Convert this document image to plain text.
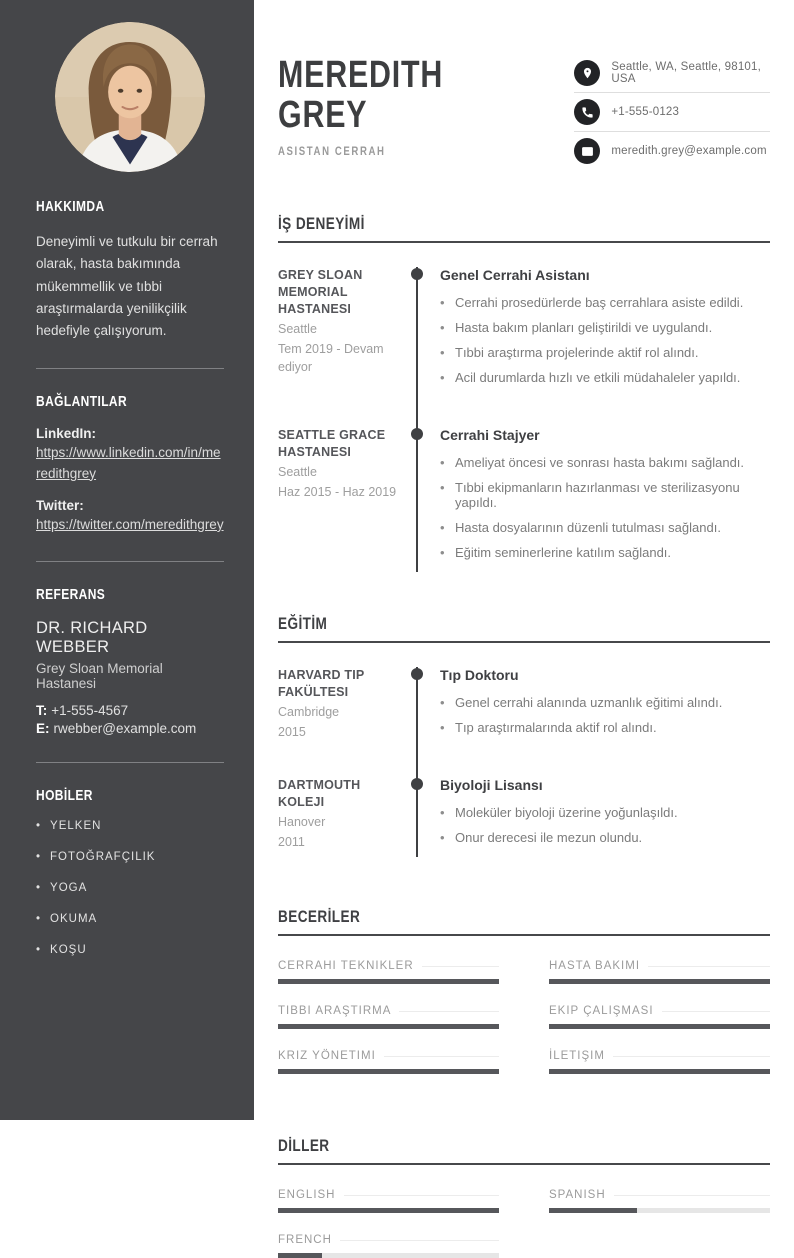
HAKKIMDA

Deneyimli ve tutkulu bir cerrah olarak, hasta bakımında mükemmellik ve tıbbi araştırmalarda yenilikçilik hedefiyle çalışıyorum.

BAĞLANTILAR
LinkedIn:
https://www.linkedin.com/in/meredithgrey
Twitter:
https://twitter.com/meredithgrey
REFERANS
DR. RICHARD WEBBER
Grey Sloan Memorial Hastanesi
T: +1-555-4567
E: rwebber@example.com
HOBİLER
• YELKEN
• FOTOĞRAFÇILIK
• YOGA
• OKUMA
• KOŞU
MEREDITH
GREY
ASISTAN CERRAH
Seattle, WA, Seattle, 98101, USA
+1-555-0123
meredith.grey@example.com
İŞ DENEYİMİ
GREY SLOAN MEMORIAL HASTANESI
Seattle
Tem 2019 - Devam ediyor
Genel Cerrahi Asistanı
• Cerrahi prosedürlerde baş cerrahlara asiste edildi.
• Hasta bakım planları geliştirildi ve uygulandı.
• Tıbbi araştırma projelerinde aktif rol alındı.
• Acil durumlarda hızlı ve etkili müdahaleler yapıldı.
SEATTLE GRACE HASTANESI
Seattle
Haz 2015 - Haz 2019
Cerrahi Stajyer
• Ameliyat öncesi ve sonrası hasta bakımı sağlandı.
• Tıbbi ekipmanların hazırlanması ve sterilizasyonu yapıldı.
• Hasta dosyalarının düzenli tutulması sağlandı.
• Eğitim seminerlerine katılım sağlandı.
EĞİTİM
HARVARD TIP FAKÜLTESI
Cambridge
2015
Tıp Doktoru
• Genel cerrahi alanında uzmanlık eğitimi alındı.
• Tıp araştırmalarında aktif rol alındı.
DARTMOUTH KOLEJI
Hanover
2011
Biyoloji Lisansı
• Moleküler biyoloji üzerine yoğunlaşıldı.
• Onur derecesi ile mezun olundu.
BECERİLER
CERRAHI TEKNIKLER	HASTA BAKIMI
TIBBI ARAŞTIRMA	EKIP ÇALIŞMASI
KRIZ YÖNETIMI	İLETIŞIM
DİLLER
ENGLISH	SPANISH
FRENCH
